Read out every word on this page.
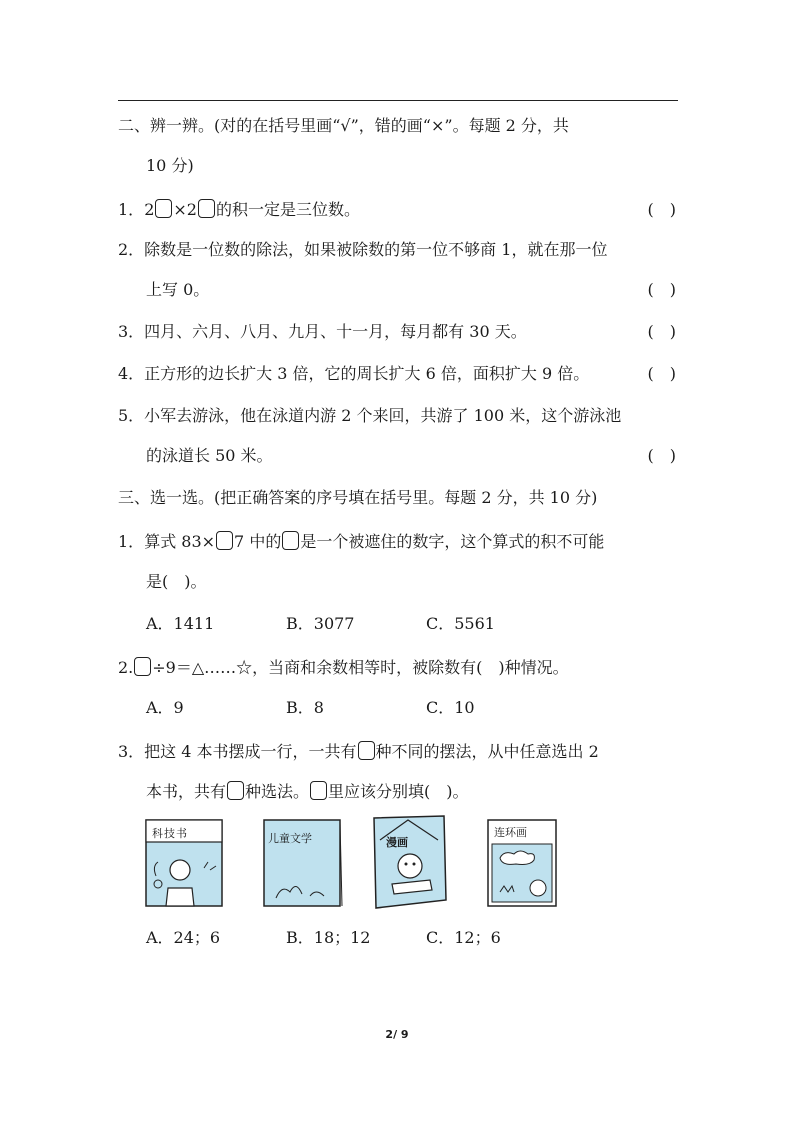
二、辨一辨。(对的在括号里画“√”，错的画“×”。每题 2 分，共
10 分)
1．2 ×2 的积一定是三位数。	(　)
2．除数是一位数的除法，如果被除数的第一位不够商 1，就在那一位
上写 0。	(　)
3．四月、六月、八月、九月、十一月，每月都有 30 天。	(　)
4．正方形的边长扩大 3 倍，它的周长扩大 6 倍，面积扩大 9 倍。	(　)
5．小军去游泳，他在泳道内游 2 个来回，共游了 100 米，这个游泳池
的泳道长 50 米。	(　)
三、选一选。(把正确答案的序号填在括号里。每题 2 分，共 10 分)
1．算式 83× 7 中的 是一个被遮住的数字，这个算式的积不可能
是(　)。
A．1411	B．3077	C．5561
2. ÷9＝△……☆，当商和余数相等时，被除数有(　)种情况。
A．9	B．8	C．10
3．把这 4 本书摆成一行，一共有 种不同的摆法，从中任意选出 2
本书，共有 种选法。 里应该分别填(　)。
科技书	儿童文学	漫画
连环画
A．24；6	B．18；12	C．12；6
2/ 9
